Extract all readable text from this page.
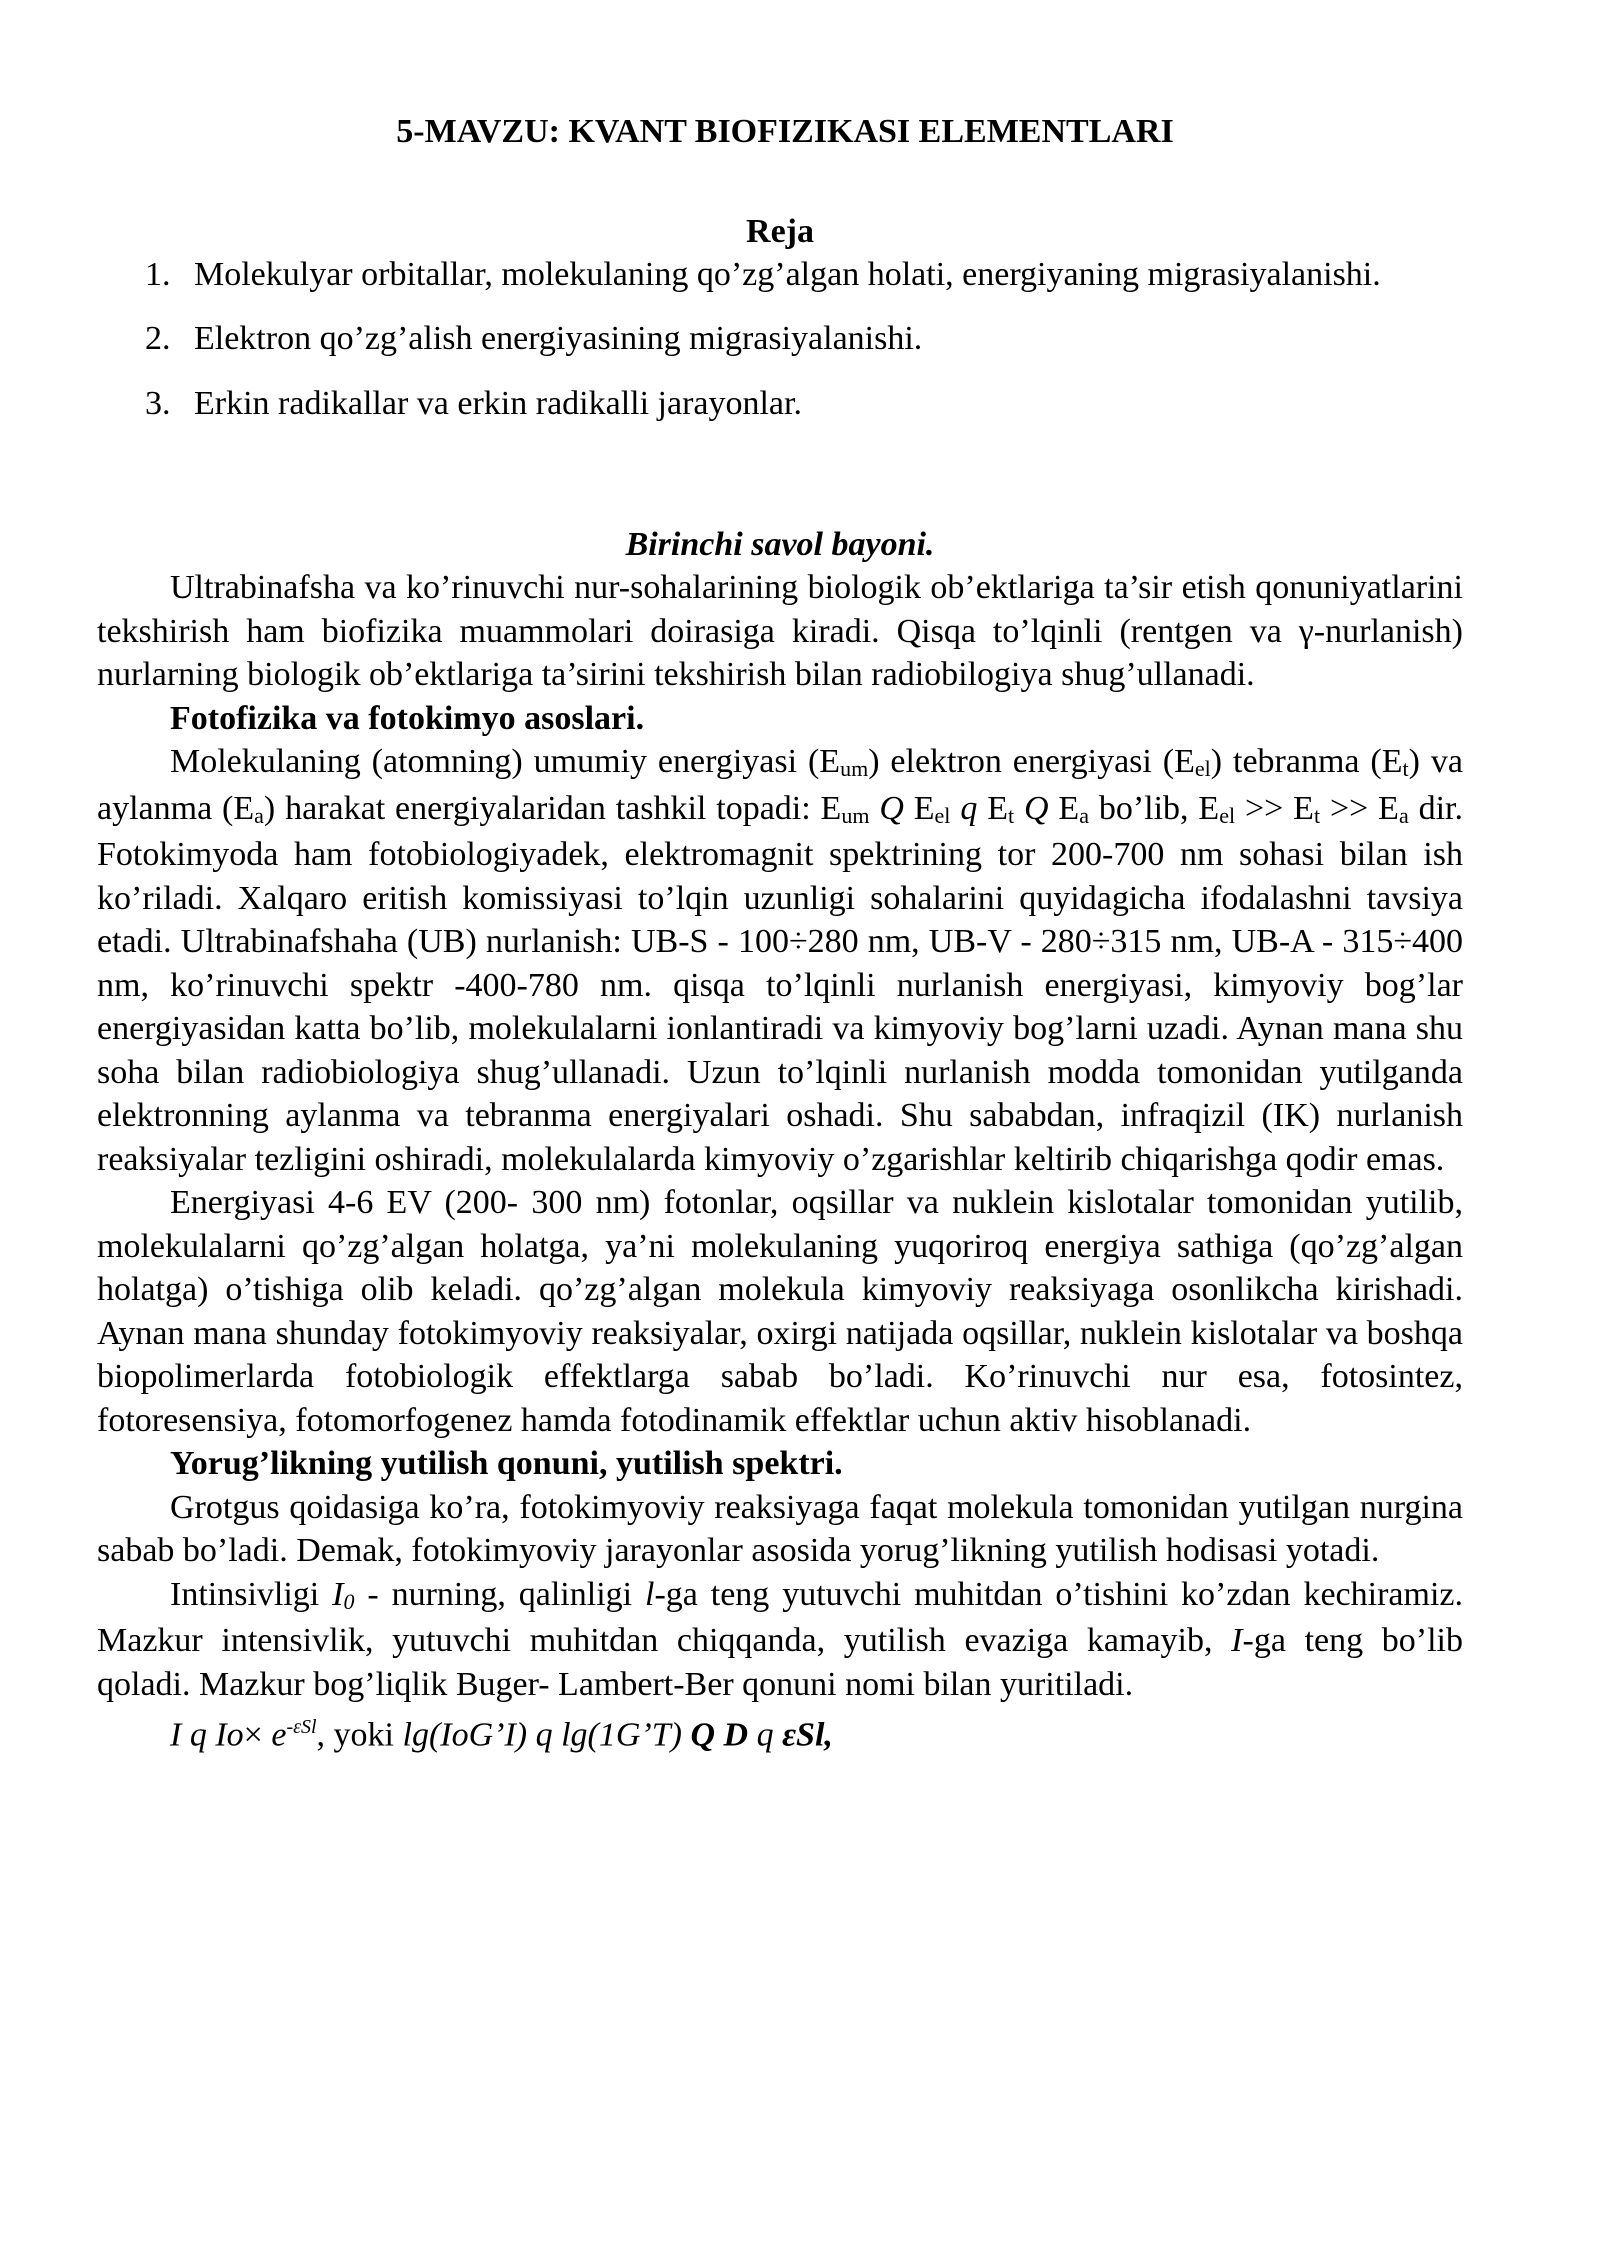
5-MAVZU: KVANT BIOFIZIKASI ELEMENTLARI
Reja
1. Molekulyar orbitallar, molekulaning qo’zg’algan holati, energiyaning migrasiyalanishi.
2. Elektron qo’zg’alish energiyasining migrasiyalanishi.
3. Erkin radikallar va erkin radikalli jarayonlar.
Birinchi savol bayoni.

Ultrabinafsha va ko’rinuvchi nur-sohalarining biologik ob’ektlariga ta’sir etish qonuniyatlarini tekshirish ham biofizika muammolari doirasiga kiradi. Qisqa to’lqinli (rentgen va γ-nurlanish) nurlarning biologik ob’ektlariga ta’sirini tekshirish bilan radiobilogiya shug’ullanadi.

Fotofizika va fotokimyo asoslari.

Molekulaning (atomning) umumiy energiyasi $(E_{um})$ elektron energiyasi $(E_{el})$ tebranma $(E_t)$ va aylanma $(E_a)$ harakat energiyalaridan tashkil topadi: $E_{um}$ Q $E_{el}$ q $E_t$ Q $E_a$ bo’lib, $E_{el} >> E_t >> E_a$ dir. Fotokimyoda ham fotobiologiyadek, elektromagnit spektrining tor 200-700 nm sohasi bilan ish ko’riladi. Xalqaro eritish komissiyasi to’lqin uzunligi sohalarini quyidagicha ifodalashni tavsiya etadi. Ultrabinafshaha (UB) nurlanish: UB-S - 100÷280 nm, UB-V - 280÷315 nm, UB-A - 315÷400 nm, ko’rinuvchi spektr -400-780 nm. qisqa to’lqinli nurlanish energiyasi, kimyoviy bog’lar energiyasidan katta bo’lib, molekulalarni ionlantiradi va kimyoviy bog’larni uzadi. Aynan mana shu soha bilan radiobiologiya shug’ullanadi. Uzun to’lqinli nurlanish modda tomonidan yutilganda elektronning aylanma va tebranma energiyalari oshadi. Shu sababdan, infraqizil (IK) nurlanish reaksiyalar tezligini oshiradi, molekulalarda kimyoviy o’zgarishlar keltirib chiqarishga qodir emas.

Energiyasi 4-6 EV (200- 300 nm) fotonlar, oqsillar va nuklein kislotalar tomonidan yutilib, molekulalarni qo’zg’algan holatga, ya’ni molekulaning yuqoriroq energiya sathiga (qo’zg’algan holatga) o’tishiga olib keladi. qo’zg’algan molekula kimyoviy reaksiyaga osonlikcha kirishadi. Aynan mana shunday fotokimyoviy reaksiyalar, oxirgi natijada oqsillar, nuklein kislotalar va boshqa biopolimerlarda fotobiologik effektlarga sabab bo’ladi. Ko’rinuvchi nur esa, fotosintez, fotoresensiya, fotomorfogenez hamda fotodinamik effektlar uchun aktiv hisoblanadi.

Yorug’likning yutilish qonuni, yutilish spektri.

Grotgus qoidasiga ko’ra, fotokimyoviy reaksiyaga faqat molekula tomonidan yutilgan nurgina sabab bo’ladi. Demak, fotokimyoviy jarayonlar asosida yorug’likning yutilish hodisasi yotadi.

Intinsivligi $I_0$ - nurning, qalinligi l-ga teng yutuvchi muhitdan o’tishini ko’zdan kechiramiz. Mazkur intensivlik, yutuvchi muhitdan chiqqanda, yutilish evaziga kamayib, I-ga teng bo’lib qoladi. Mazkur bog’liqlik Buger- Lambert-Ber qonuni nomi bilan yuritiladi.

I q $Io\times e^{-\varepsilon Sl}$, yoki lg(IoG’I) q lg(1G’T) Q D q εSl,
